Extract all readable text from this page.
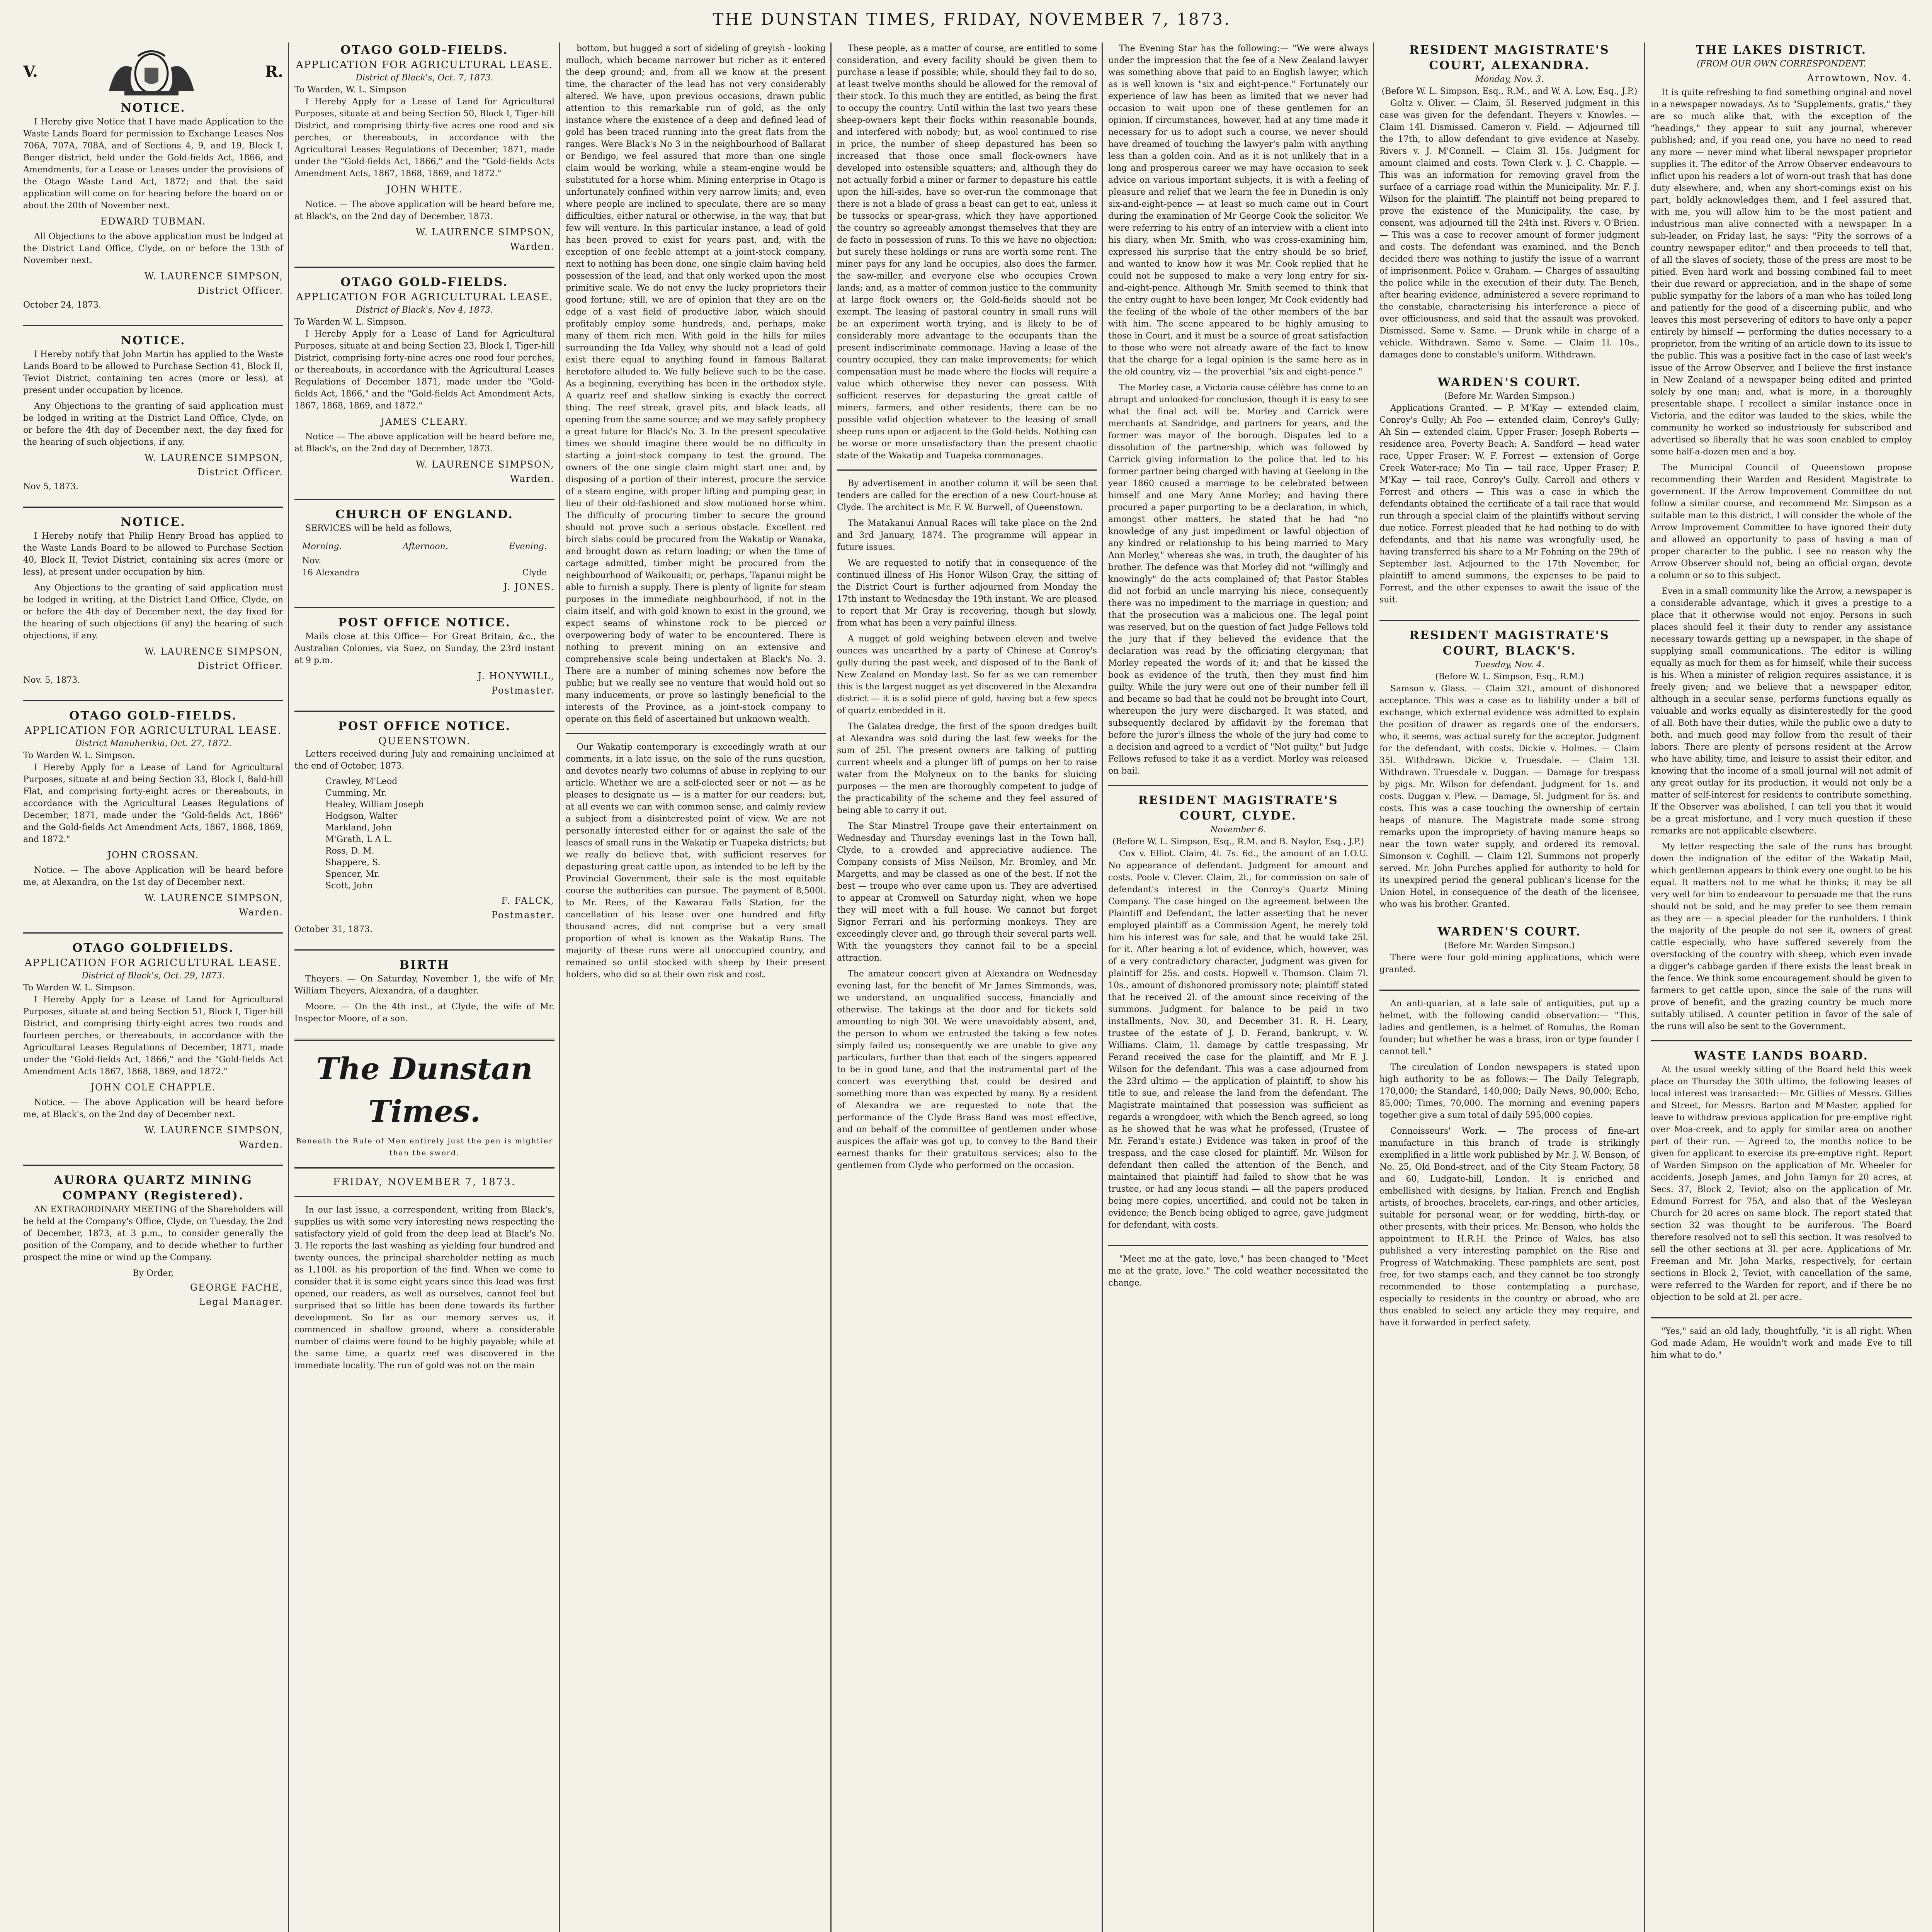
THE DUNSTAN TIMES, FRIDAY, NOVEMBER 7, 1873.
V.	R.
NOTICE.

I Hereby give Notice that I have made Application to the Waste Lands Board for permission to Exchange Leases Nos 706A, 707A, 708A, and of Sections 4, 9, and 19, Block I, Benger district, held under the Gold-fields Act, 1866, and Amendments, for a Lease or Leases under the provisions of the Otago Waste Land Act, 1872; and that the said application will come on for hearing before the board on or about the 20th of November next.

EDWARD TUBMAN.

All Objections to the above application must be lodged at the District Land Office, Clyde, on or before the 13th of November next.

W. LAURENCE SIMPSON,
District Officer.
October 24, 1873.
NOTICE.

I Hereby notify that John Martin has applied to the Waste Lands Board to be allowed to Purchase Section 41, Block II, Teviot District, containing ten acres (more or less), at present under occupation by licence.

Any Objections to the granting of said application must be lodged in writing at the District Land Office, Clyde, on or before the 4th day of December next, the day fixed for the hearing of such objections, if any.

W. LAURENCE SIMPSON,
District Officer.
Nov 5, 1873.
NOTICE.

I Hereby notify that Philip Henry Broad has applied to the Waste Lands Board to be allowed to Purchase Section 40, Block II, Teviot District, containing six acres (more or less), at present under occupation by him.

Any Objections to the granting of said application must be lodged in writing, at the District Land Office, Clyde, on or before the 4th day of December next, the day fixed for the hearing of such objections (if any) the hearing of such objections, if any.

W. LAURENCE SIMPSON,
District Officer.
Nov. 5, 1873.
OTAGO GOLD-FIELDS.
APPLICATION FOR AGRICULTURAL LEASE.
District Manuherikia, Oct. 27, 1872.
To Warden W. L. Simpson.

I Hereby Apply for a Lease of Land for Agricultural Purposes, situate at and being Section 33, Block I, Bald-hill Flat, and comprising forty-eight acres or thereabouts, in accordance with the Agricultural Leases Regulations of December, 1871, made under the "Gold-fields Act, 1866" and the Gold-fields Act Amendment Acts, 1867, 1868, 1869, and 1872."

JOHN CROSSAN.

Notice. — The above Application will be heard before me, at Alexandra, on the 1st day of December next.

W. LAURENCE SIMPSON,
Warden.
OTAGO GOLDFIELDS.
APPLICATION FOR AGRICULTURAL LEASE.
District of Black's, Oct. 29, 1873.
To Warden W. L. Simpson.

I Hereby Apply for a Lease of Land for Agricultural Purposes, situate at and being Section 51, Block I, Tiger-hill District, and comprising thirty-eight acres two roods and fourteen perches, or thereabouts, in accordance with the Agricultural Leases Regulations of December, 1871, made under the "Gold-fields Act, 1866," and the "Gold-fields Act Amendment Acts 1867, 1868, 1869, and 1872."

JOHN COLE CHAPPLE.

Notice. — The above Application will be heard before me, at Black's, on the 2nd day of December next.

W. LAURENCE SIMPSON,
Warden.
AURORA QUARTZ MINING COMPANY (Registered).

AN EXTRAORDINARY MEETING of the Shareholders will be held at the Company's Office, Clyde, on Tuesday, the 2nd of December, 1873, at 3 p.m., to consider generally the position of the Company, and to decide whether to further prospect the mine or wind up the Company.

By Order,
GEORGE FACHE,
Legal Manager.
OTAGO GOLD-FIELDS.
APPLICATION FOR AGRICULTURAL LEASE.
District of Black's, Oct. 7, 1873.
To Warden, W. L. Simpson

I Hereby Apply for a Lease of Land for Agricultural Purposes, situate at and being Section 50, Block I, Tiger-hill District, and comprising thirty-five acres one rood and six perches, or thereabouts, in accordance with the Agricultural Leases Regulations of December, 1871, made under the "Gold-fields Act, 1866," and the "Gold-fields Acts Amendment Acts, 1867, 1868, 1869, and 1872."

JOHN WHITE.

Notice. — The above application will be heard before me, at Black's, on the 2nd day of December, 1873.

W. LAURENCE SIMPSON,
Warden.
OTAGO GOLD-FIELDS.
APPLICATION FOR AGRICULTURAL LEASE.
District of Black's, Nov 4, 1873.
To Warden W. L. Simpson.

I Hereby Apply for a Lease of Land for Agricultural Purposes, situate at and being Section 23, Block I, Tiger-hill District, comprising forty-nine acres one rood four perches, or thereabouts, in accordance with the Agricultural Leases Regulations of December 1871, made under the "Gold-fields Act, 1866," and the "Gold-fields Act Amendment Acts, 1867, 1868, 1869, and 1872."

JAMES CLEARY.

Notice — The above application will be heard before me, at Black's, on the 2nd day of December, 1873.

W. LAURENCE SIMPSON,
Warden.
CHURCH OF ENGLAND.

SERVICES will be held as follows,

Morning.	Afternoon.	Evening.
Nov.
16 Alexandra	Clyde
J. JONES.
POST OFFICE NOTICE.

Mails close at this Office— For Great Britain, &c., the Australian Colonies, via Suez, on Sunday, the 23rd instant at 9 p.m.

J. HONYWILL,
Postmaster.
POST OFFICE NOTICE.
QUEENSTOWN.

Letters received during July and remaining unclaimed at the end of October, 1873.

Crawley, M'Leod
Cumming, Mr.
Healey, William Joseph
Hodgson, Walter
Markland, John
M'Grath, L A L.
Ross, D. M.
Shappere, S.
Spencer, Mr.
Scott, John
F. FALCK,
Postmaster.
October 31, 1873.
BIRTH

Theyers. — On Saturday, November 1, the wife of Mr. William Theyers, Alexandra, of a daughter.

Moore. — On the 4th inst., at Clyde, the wife of Mr. Inspector Moore, of a son.

The Dunstan Times.
Beneath the Rule of Men entirely just the pen is mightier than the sword.
FRIDAY, NOVEMBER 7, 1873.

In our last issue, a correspondent, writing from Black's, supplies us with some very interesting news respecting the satisfactory yield of gold from the deep lead at Black's No. 3. He reports the last washing as yielding four hundred and twenty ounces, the principal shareholder netting as much as 1,100l. as his proportion of the find. When we come to consider that it is some eight years since this lead was first opened, our readers, as well as ourselves, cannot feel but surprised that so little has been done towards its further development. So far as our memory serves us, it commenced in shallow ground, where a considerable number of claims were found to be highly payable; while at the same time, a quartz reef was discovered in the immediate locality. The run of gold was not on the main

bottom, but hugged a sort of sideling of greyish - looking mulloch, which became narrower but richer as it entered the deep ground; and, from all we know at the present time, the character of the lead has not very considerably altered. We have, upon previous occasions, drawn public attention to this remarkable run of gold, as the only instance where the existence of a deep and defined lead of gold has been traced running into the great flats from the ranges. Were Black's No 3 in the neighbourhood of Ballarat or Bendigo, we feel assured that more than one single claim would be working, while a steam-engine would be substituted for a horse whim. Mining enterprise in Otago is unfortunately confined within very narrow limits; and, even where people are inclined to speculate, there are so many difficulties, either natural or otherwise, in the way, that but few will venture. In this particular instance, a lead of gold has been proved to exist for years past, and, with the exception of one feeble attempt at a joint-stock company, next to nothing has been done, one single claim having held possession of the lead, and that only worked upon the most primitive scale. We do not envy the lucky proprietors their good fortune; still, we are of opinion that they are on the edge of a vast field of productive labor, which should profitably employ some hundreds, and, perhaps, make many of them rich men. With gold in the hills for miles surrounding the Ida Valley, why should not a lead of gold exist there equal to anything found in famous Ballarat heretofore alluded to. We fully believe such to be the case. As a beginning, everything has been in the orthodox style. A quartz reef and shallow sinking is exactly the correct thing. The reef streak, gravel pits, and black leads, all opening from the same source; and we may safely prophecy a great future for Black's No. 3. In the present speculative times we should imagine there would be no difficulty in starting a joint-stock company to test the ground. The owners of the one single claim might start one: and, by disposing of a portion of their interest, procure the service of a steam engine, with proper lifting and pumping gear, in lieu of their old-fashioned and slow motioned horse whim. The difficulty of procuring timber to secure the ground should not prove such a serious obstacle. Excellent red birch slabs could be procured from the Wakatip or Wanaka, and brought down as return loading; or when the time of cartage admitted, timber might be procured from the neighbourhood of Waikouaiti; or, perhaps, Tapanui might be able to furnish a supply. There is plenty of lignite for steam purposes in the immediate neighbourhood, if not in the claim itself, and with gold known to exist in the ground, we expect seams of whinstone rock to be pierced or overpowering body of water to be encountered. There is nothing to prevent mining on an extensive and comprehensive scale being undertaken at Black's No. 3. There are a number of mining schemes now before the public; but we really see no venture that would hold out so many inducements, or prove so lastingly beneficial to the interests of the Province, as a joint-stock company to operate on this field of ascertained but unknown wealth.

Our Wakatip contemporary is exceedingly wrath at our comments, in a late issue, on the sale of the runs question, and devotes nearly two columns of abuse in replying to our article. Whether we are a self-elected seer or not — as he pleases to designate us — is a matter for our readers; but, at all events we can with common sense, and calmly review a subject from a disinterested point of view. We are not personally interested either for or against the sale of the leases of small runs in the Wakatip or Tuapeka districts; but we really do believe that, with sufficient reserves for depasturing great cattle upon, as intended to be left by the Provincial Government, their sale is the most equitable course the authorities can pursue. The payment of 8,500l. to Mr. Rees, of the Kawarau Falls Station, for the cancellation of his lease over one hundred and fifty thousand acres, did not comprise but a very small proportion of what is known as the Wakatip Runs. The majority of these runs were all unoccupied country, and remained so until stocked with sheep by their present holders, who did so at their own risk and cost.

These people, as a matter of course, are entitled to some consideration, and every facility should be given them to purchase a lease if possible; while, should they fail to do so, at least twelve months should be allowed for the removal of their stock. To this much they are entitled, as being the first to occupy the country. Until within the last two years these sheep-owners kept their flocks within reasonable bounds, and interfered with nobody; but, as wool continued to rise in price, the number of sheep depastured has been so increased that those once small flock-owners have developed into ostensible squatters; and, although they do not actually forbid a miner or farmer to depasture his cattle upon the hill-sides, have so over-run the commonage that there is not a blade of grass a beast can get to eat, unless it be tussocks or spear-grass, which they have apportioned the country so agreeably amongst themselves that they are de facto in possession of runs. To this we have no objection; but surely these holdings or runs are worth some rent. The miner pays for any land he occupies, also does the farmer, the saw-miller, and everyone else who occupies Crown lands; and, as a matter of common justice to the community at large flock owners or, the Gold-fields should not be exempt. The leasing of pastoral country in small runs will be an experiment worth trying, and is likely to be of considerably more advantage to the occupants than the present indiscriminate commonage. Having a lease of the country occupied, they can make improvements; for which compensation must be made where the flocks will require a value which otherwise they never can possess. With sufficient reserves for depasturing the great cattle of miners, farmers, and other residents, there can be no possible valid objection whatever to the leasing of small sheep runs upon or adjacent to the Gold-fields. Nothing can be worse or more unsatisfactory than the present chaotic state of the Wakatip and Tuapeka commonages.

By advertisement in another column it will be seen that tenders are called for the erection of a new Court-house at Clyde. The architect is Mr. F. W. Burwell, of Queenstown.

The Matakanui Annual Races will take place on the 2nd and 3rd January, 1874. The programme will appear in future issues.

We are requested to notify that in consequence of the continued illness of His Honor Wilson Gray, the sitting of the District Court is further adjourned from Monday the 17th instant to Wednesday the 19th instant. We are pleased to report that Mr Gray is recovering, though but slowly, from what has been a very painful illness.

A nugget of gold weighing between eleven and twelve ounces was unearthed by a party of Chinese at Conroy's gully during the past week, and disposed of to the Bank of New Zealand on Monday last. So far as we can remember this is the largest nugget as yet discovered in the Alexandra district — it is a solid piece of gold, having but a few specs of quartz embedded in it.

The Galatea dredge, the first of the spoon dredges built at Alexandra was sold during the last few weeks for the sum of 25l. The present owners are talking of putting current wheels and a plunger lift of pumps on her to raise water from the Molyneux on to the banks for sluicing purposes — the men are thoroughly competent to judge of the practicability of the scheme and they feel assured of being able to carry it out.

The Star Minstrel Troupe gave their entertainment on Wednesday and Thursday evenings last in the Town hall, Clyde, to a crowded and appreciative audience. The Company consists of Miss Neilson, Mr. Bromley, and Mr. Margetts, and may be classed as one of the best. If not the best — troupe who ever came upon us. They are advertised to appear at Cromwell on Saturday night, when we hope they will meet with a full house. We cannot but forget Signor Ferrari and his performing monkeys. They are exceedingly clever and, go through their several parts well. With the youngsters they cannot fail to be a special attraction.

The amateur concert given at Alexandra on Wednesday evening last, for the benefit of Mr James Simmonds, was, we understand, an unqualified success, financially and otherwise. The takings at the door and for tickets sold amounting to nigh 30l. We were unavoidably absent, and, the person to whom we entrusted the taking a few notes simply failed us; consequently we are unable to give any particulars, further than that each of the singers appeared to be in good tune, and that the instrumental part of the concert was everything that could be desired and something more than was expected by many. By a resident of Alexandra we are requested to note that the performance of the Clyde Brass Band was most effective, and on behalf of the committee of gentlemen under whose auspices the affair was got up, to convey to the Band their earnest thanks for their gratuitous services; also to the gentlemen from Clyde who performed on the occasion.

The Evening Star has the following:— "We were always under the impression that the fee of a New Zealand lawyer was something above that paid to an English lawyer, which as is well known is "six and eight-pence." Fortunately our experience of law has been as limited that we never had occasion to wait upon one of these gentlemen for an opinion. If circumstances, however, had at any time made it necessary for us to adopt such a course, we never should have dreamed of touching the lawyer's palm with anything less than a golden coin. And as it is not unlikely that in a long and prosperous career we may have occasion to seek advice on various important subjects, it is with a feeling of pleasure and relief that we learn the fee in Dunedin is only six-and-eight-pence — at least so much came out in Court during the examination of Mr George Cook the solicitor. We were referring to his entry of an interview with a client into his diary, when Mr. Smith, who was cross-examining him, expressed his surprise that the entry should be so brief, and wanted to know how it was Mr. Cook replied that he could not be supposed to make a very long entry for six-and-eight-pence. Although Mr. Smith seemed to think that the entry ought to have been longer, Mr Cook evidently had the feeling of the whole of the other members of the bar with him. The scene appeared to be highly amusing to those in Court, and it must be a source of great satisfaction to those who were not already aware of the fact to know that the charge for a legal opinion is the same here as in the old country, viz — the proverbial "six and eight-pence."

The Morley case, a Victoria cause célèbre has come to an abrupt and unlooked-for conclusion, though it is easy to see what the final act will be. Morley and Carrick were merchants at Sandridge, and partners for years, and the former was mayor of the borough. Disputes led to a dissolution of the partnership, which was followed by Carrick giving information to the police that led to his former partner being charged with having at Geelong in the year 1860 caused a marriage to be celebrated between himself and one Mary Anne Morley; and having there procured a paper purporting to be a declaration, in which, amongst other matters, he stated that he had "no knowledge of any just impediment or lawful objection of any kindred or relationship to his being married to Mary Ann Morley," whereas she was, in truth, the daughter of his brother. The defence was that Morley did not "willingly and knowingly" do the acts complained of; that Pastor Stables did not forbid an uncle marrying his niece, consequently there was no impediment to the marriage in question; and that the prosecution was a malicious one. The legal point was reserved, but on the question of fact Judge Fellows told the jury that if they believed the evidence that the declaration was read by the officiating clergyman; that Morley repeated the words of it; and that he kissed the book as evidence of the truth, then they must find him guilty. While the jury were out one of their number fell ill and became so bad that he could not be brought into Court, whereupon the jury were discharged. It was stated, and subsequently declared by affidavit by the foreman that before the juror's illness the whole of the jury had come to a decision and agreed to a verdict of "Not guilty," but Judge Fellows refused to take it as a verdict. Morley was released on bail.

RESIDENT MAGISTRATE'S COURT, CLYDE.
November 6.
(Before W. L. Simpson, Esq., R.M. and B. Naylor, Esq., J.P.)

Cox v. Elliot. Claim, 4l. 7s. 6d., the amount of an I.O.U. No appearance of defendant. Judgment for amount and costs. Poole v. Clever. Claim, 2l., for commission on sale of defendant's interest in the Conroy's Quartz Mining Company. The case hinged on the agreement between the Plaintiff and Defendant, the latter asserting that he never employed plaintiff as a Commission Agent, he merely told him his interest was for sale, and that he would take 25l. for it. After hearing a lot of evidence, which, however, was of a very contradictory character, Judgment was given for plaintiff for 25s. and costs. Hopwell v. Thomson. Claim 7l. 10s., amount of dishonored promissory note; plaintiff stated that he received 2l. of the amount since receiving of the summons. Judgment for balance to be paid in two installments, Nov. 30, and December 31. R. H. Leary, trustee of the estate of J. D. Ferand, bankrupt, v. W. Williams. Claim, 1l. damage by cattle trespassing, Mr Ferand received the case for the plaintiff, and Mr F. J. Wilson for the defendant. This was a case adjourned from the 23rd ultimo — the application of plaintiff, to show his title to sue, and release the land from the defendant. The Magistrate maintained that possession was sufficient as regards a wrongdoer, with which the Bench agreed, so long as he showed that he was what he professed, (Trustee of Mr. Ferand's estate.) Evidence was taken in proof of the trespass, and the case closed for plaintiff. Mr. Wilson for defendant then called the attention of the Bench, and maintained that plaintiff had failed to show that he was trustee, or had any locus standi — all the papers produced being mere copies, uncertified, and could not be taken in evidence; the Bench being obliged to agree, gave judgment for defendant, with costs.

"Meet me at the gate, love," has been changed to "Meet me at the grate, love." The cold weather necessitated the change.

RESIDENT MAGISTRATE'S COURT, ALEXANDRA.
Monday, Nov. 3.
(Before W. L. Simpson, Esq., R.M., and W. A. Low, Esq., J.P.)

Goltz v. Oliver. — Claim, 5l. Reserved judgment in this case was given for the defendant. Theyers v. Knowles. — Claim 14l. Dismissed. Cameron v. Field. — Adjourned till the 17th, to allow defendant to give evidence at Naseby. Rivers v. J. M'Connell. — Claim 3l. 15s. Judgment for amount claimed and costs. Town Clerk v. J. C. Chapple. — This was an information for removing gravel from the surface of a carriage road within the Municipality. Mr. F. J. Wilson for the plaintiff. The plaintiff not being prepared to prove the existence of the Municipality, the case, by consent, was adjourned till the 24th inst. Rivers v. O'Brien. — This was a case to recover amount of former judgment and costs. The defendant was examined, and the Bench decided there was nothing to justify the issue of a warrant of imprisonment. Police v. Graham. — Charges of assaulting the police while in the execution of their duty. The Bench, after hearing evidence, administered a severe reprimand to the constable, characterising his interference a piece of over officiousness, and said that the assault was provoked. Dismissed. Same v. Same. — Drunk while in charge of a vehicle. Withdrawn. Same v. Same. — Claim 1l. 10s., damages done to constable's uniform. Withdrawn.

WARDEN'S COURT.
(Before Mr. Warden Simpson.)

Applications Granted. — P. M'Kay — extended claim, Conroy's Gully; Ah Foo — extended claim, Conroy's Gully; Ah Sin — extended claim, Upper Fraser; Joseph Roberts — residence area, Poverty Beach; A. Sandford — head water race, Upper Fraser; W. F. Forrest — extension of Gorge Creek Water-race; Mo Tin — tail race, Upper Fraser; P. M'Kay — tail race, Conroy's Gully. Carroll and others v Forrest and others — This was a case in which the defendants obtained the certificate of a tail race that would run through a special claim of the plaintiffs without serving due notice. Forrest pleaded that he had nothing to do with defendants, and that his name was wrongfully used, he having transferred his share to a Mr Fohning on the 29th of September last. Adjourned to the 17th November, for plaintiff to amend summons, the expenses to be paid to Forrest, and the other expenses to await the issue of the suit.

RESIDENT MAGISTRATE'S COURT, BLACK'S.
Tuesday, Nov. 4.
(Before W. L. Simpson, Esq., R.M.)

Samson v. Glass. — Claim 32l., amount of dishonored acceptance. This was a case as to liability under a bill of exchange, which external evidence was admitted to explain the position of drawer as regards one of the endorsers, who, it seems, was actual surety for the acceptor. Judgment for the defendant, with costs. Dickie v. Holmes. — Claim 35l. Withdrawn. Dickie v. Truesdale. — Claim 13l. Withdrawn. Truesdale v. Duggan. — Damage for trespass by pigs. Mr. Wilson for defendant. Judgment for 1s. and costs. Duggan v. Plew. — Damage, 5l. Judgment for 5s. and costs. This was a case touching the ownership of certain heaps of manure. The Magistrate made some strong remarks upon the impropriety of having manure heaps so near the town water supply, and ordered its removal. Simonson v. Coghill. — Claim 12l. Summons not properly served. Mr. John Purches applied for authority to hold for its unexpired period the general publican's license for the Union Hotel, in consequence of the death of the licensee, who was his brother. Granted.

WARDEN'S COURT.
(Before Mr. Warden Simpson.)

There were four gold-mining applications, which were granted.

An anti-quarian, at a late sale of antiquities, put up a helmet, with the following candid observation:— "This, ladies and gentlemen, is a helmet of Romulus, the Roman founder; but whether he was a brass, iron or type founder I cannot tell."

The circulation of London newspapers is stated upon high authority to be as follows:— The Daily Telegraph, 170,000; the Standard, 140,000; Daily News, 90,000; Echo, 85,000; Times, 70,000. The morning and evening papers together give a sum total of daily 595,000 copies.

Connoisseurs' Work. — The process of fine-art manufacture in this branch of trade is strikingly exemplified in a little work published by Mr. J. W. Benson, of No. 25, Old Bond-street, and of the City Steam Factory, 58 and 60, Ludgate-hill, London. It is enriched and embellished with designs, by Italian, French and English artists, of brooches, bracelets, ear-rings, and other articles, suitable for personal wear, or for wedding, birth-day, or other presents, with their prices. Mr. Benson, who holds the appointment to H.R.H. the Prince of Wales, has also published a very interesting pamphlet on the Rise and Progress of Watchmaking. These pamphlets are sent, post free, for two stamps each, and they cannot be too strongly recommended to those contemplating a purchase, especially to residents in the country or abroad, who are thus enabled to select any article they may require, and have it forwarded in perfect safety.

THE LAKES DISTRICT.
(FROM OUR OWN CORRESPONDENT.
Arrowtown, Nov. 4.

It is quite refreshing to find something original and novel in a newspaper nowadays. As to "Supplements, gratis," they are so much alike that, with the exception of the "headings," they appear to suit any journal, wherever published; and, if you read one, you have no need to read any more — never mind what liberal newspaper proprietor supplies it. The editor of the Arrow Observer endeavours to inflict upon his readers a lot of worn-out trash that has done duty elsewhere, and, when any short-comings exist on his part, boldly acknowledges them, and I feel assured that, with me, you will allow him to be the most patient and industrious man alive connected with a newspaper. In a sub-leader, on Friday last, he says: "Pity the sorrows of a country newspaper editor," and then proceeds to tell that, of all the slaves of society, those of the press are most to be pitied. Even hard work and bossing combined fail to meet their due reward or appreciation, and in the shape of some public sympathy for the labors of a man who has toiled long and patiently for the good of a discerning public, and who leaves this most persevering of editors to have only a paper entirely by himself — performing the duties necessary to a proprietor, from the writing of an article down to its issue to the public. This was a positive fact in the case of last week's issue of the Arrow Observer, and I believe the first instance in New Zealand of a newspaper being edited and printed solely by one man; and, what is more, in a thoroughly presentable shape. I recollect a similar instance once in Victoria, and the editor was lauded to the skies, while the community he worked so industriously for subscribed and advertised so liberally that he was soon enabled to employ some half-a-dozen men and a boy.

The Municipal Council of Queenstown propose recommending their Warden and Resident Magistrate to government. If the Arrow Improvement Committee do not follow a similar course, and recommend Mr. Simpson as a suitable man to this district, I will consider the whole of the Arrow Improvement Committee to have ignored their duty and allowed an opportunity to pass of having a man of proper character to the public. I see no reason why the Arrow Observer should not, being an official organ, devote a column or so to this subject.

Even in a small community like the Arrow, a newspaper is a considerable advantage, which it gives a prestige to a place that it otherwise would not enjoy. Persons in such places should feel it their duty to render any assistance necessary towards getting up a newspaper, in the shape of supplying small communications. The editor is willing equally as much for them as for himself, while their success is his. When a minister of religion requires assistance, it is freely given; and we believe that a newspaper editor, although in a secular sense, performs functions equally as valuable and works equally as disinterestedly for the good of all. Both have their duties, while the public owe a duty to both, and much good may follow from the result of their labors. There are plenty of persons resident at the Arrow who have ability, time, and leisure to assist their editor, and knowing that the income of a small journal will not admit of any great outlay for its production, it would not only be a matter of self-interest for residents to contribute something. If the Observer was abolished, I can tell you that it would be a great misfortune, and I very much question if these remarks are not applicable elsewhere.

My letter respecting the sale of the runs has brought down the indignation of the editor of the Wakatip Mail, which gentleman appears to think every one ought to be his equal. It matters not to me what he thinks; it may be all very well for him to endeavour to persuade me that the runs should not be sold, and he may prefer to see them remain as they are — a special pleader for the runholders. I think the majority of the people do not see it, owners of great cattle especially, who have suffered severely from the overstocking of the country with sheep, which even invade a digger's cabbage garden if there exists the least break in the fence. We think some encouragement should be given to farmers to get cattle upon, since the sale of the runs will prove of benefit, and the grazing country be much more suitably utilised. A counter petition in favor of the sale of the runs will also be sent to the Government.

WASTE LANDS BOARD.

At the usual weekly sitting of the Board held this week place on Thursday the 30th ultimo, the following leases of local interest was transacted:— Mr. Gillies of Messrs. Gillies and Street, for Messrs. Barton and M'Master, applied for leave to withdraw previous application for pre-emptive right over Moa-creek, and to apply for similar area on another part of their run. — Agreed to, the months notice to be given for applicant to exercise its pre-emptive right. Report of Warden Simpson on the application of Mr. Wheeler for accidents, Joseph James, and John Tamyn for 20 acres, at Secs. 37, Block 2, Teviot; also on the application of Mr. Edmund Forrest for 75A, and also that of the Wesleyan Church for 20 acres on same block. The report stated that section 32 was thought to be auriferous. The Board therefore resolved not to sell this section. It was resolved to sell the other sections at 3l. per acre. Applications of Mr. Freeman and Mr. John Marks, respectively, for certain sections in Block 2, Teviot, with cancellation of the same, were referred to the Warden for report, and if there be no objection to be sold at 2l. per acre.

"Yes," said an old lady, thoughtfully, "it is all right. When God made Adam, He wouldn't work and made Eve to till him what to do."
